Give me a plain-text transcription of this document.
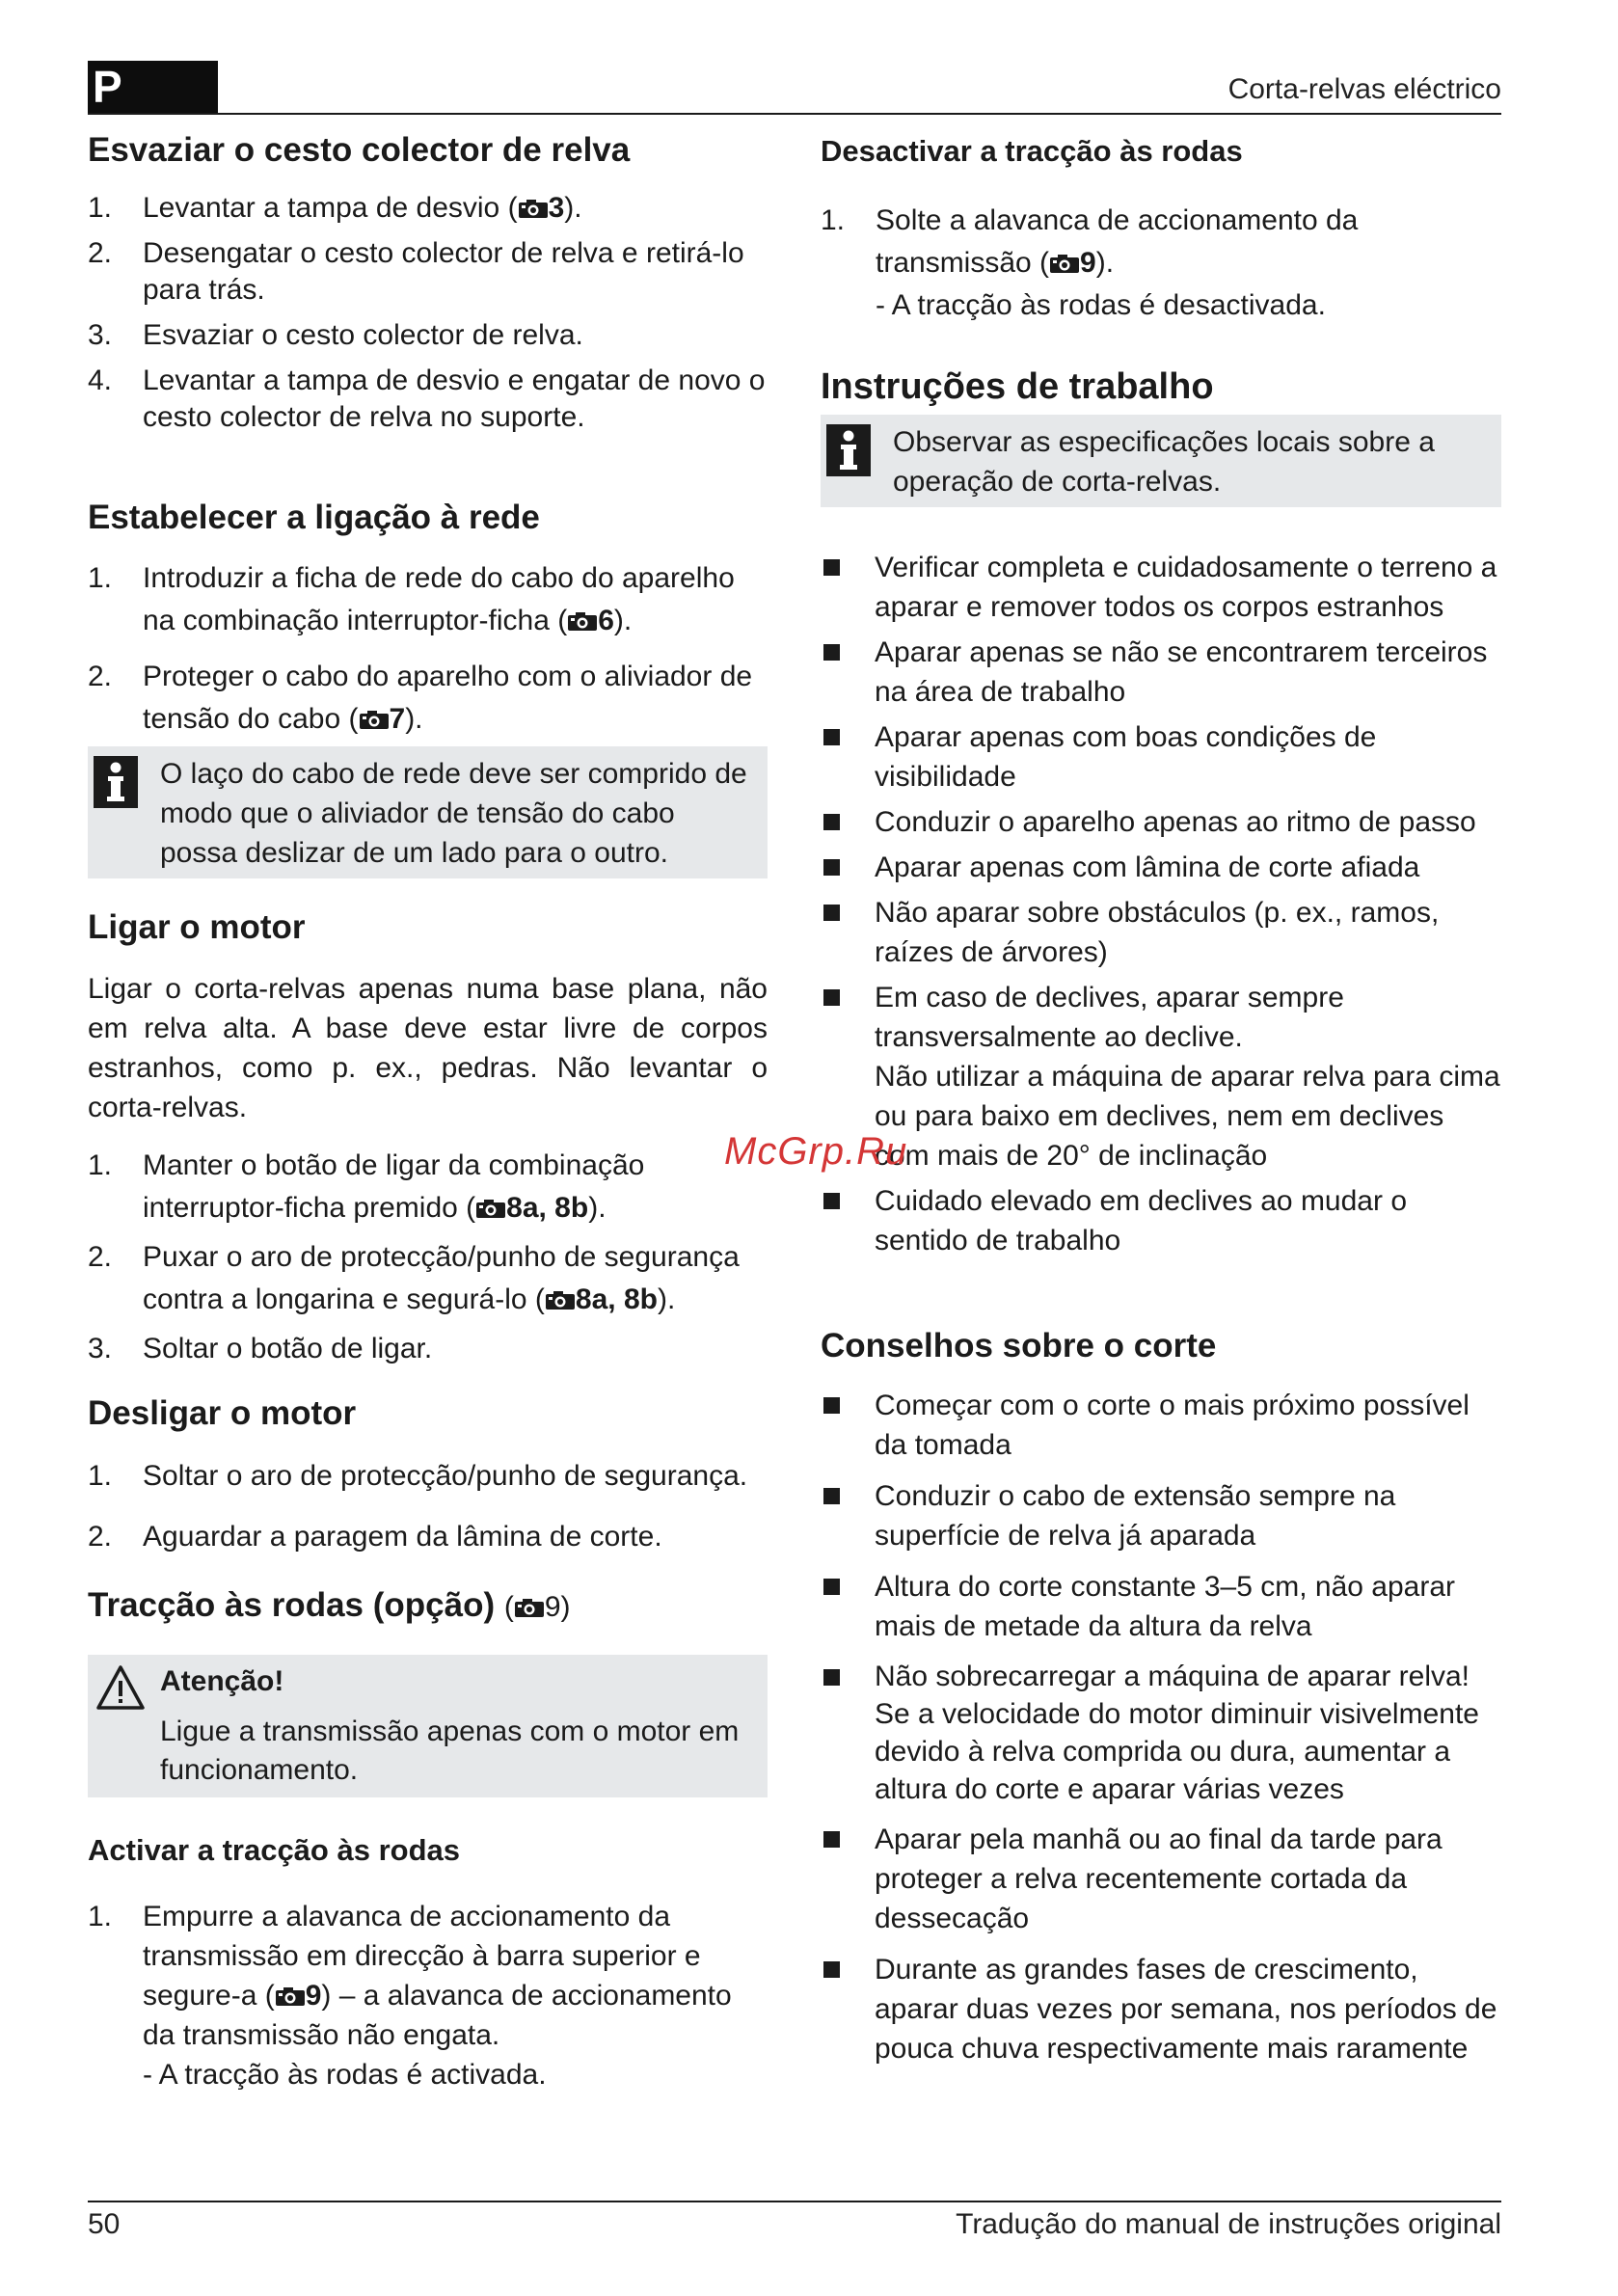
P	Corta-relvas eléctrico
Esvaziar o cesto colector de relva
1. Levantar a tampa de desvio ( 3).
2. Desengatar o cesto colector de relva e retirá-lo para trás.
3. Esvaziar o cesto colector de relva.
4. Levantar a tampa de desvio e engatar de novo o cesto colector de relva no suporte.
Estabelecer a ligação à rede
1. Introduzir a ficha de rede do cabo do aparelho na combinação interruptor-ficha ( 6).
2. Proteger o cabo do aparelho com o aliviador de tensão do cabo ( 7).
O laço do cabo de rede deve ser comprido de modo que o aliviador de tensão do cabo possa deslizar de um lado para o outro.
Ligar o motor
Ligar o corta-relvas apenas numa base plana, não em relva alta. A base deve estar livre de corpos estranhos, como p. ex., pedras. Não levantar o corta-relvas.
1. Manter o botão de ligar da combinação interruptor-ficha premido ( 8a, 8b).
2. Puxar o aro de protecção/punho de segurança contra a longarina e segurá-lo ( 8a, 8b).
3. Soltar o botão de ligar.
Desligar o motor
1. Soltar o aro de protecção/punho de segurança.
2. Aguardar a paragem da lâmina de corte.
Tracção às rodas (opção) ( 9)
Atenção!
Ligue a transmissão apenas com o motor em funcionamento.
Activar a tracção às rodas
1. Empurre a alavanca de accionamento da transmissão em direcção à barra superior e segure-a ( 9) – a alavanca de accionamento da transmissão não engata.
- A tracção às rodas é activada.
Desactivar a tracção às rodas
1. Solte a alavanca de accionamento da transmissão ( 9).
- A tracção às rodas é desactivada.
Instruções de trabalho
Observar as especificações locais sobre a operação de corta-relvas.
Verificar completa e cuidadosamente o terreno a aparar e remover todos os corpos estranhos
Aparar apenas se não se encontrarem terceiros na área de trabalho
Aparar apenas com boas condições de visibilidade
Conduzir o aparelho apenas ao ritmo de passo
Aparar apenas com lâmina de corte afiada
Não aparar sobre obstáculos (p. ex., ramos, raízes de árvores)
Em caso de declives, aparar sempre transversalmente ao declive.
Não utilizar a máquina de aparar relva para cima ou para baixo em declives, nem em declives com mais de 20° de inclinação
Cuidado elevado em declives ao mudar o sentido de trabalho
Conselhos sobre o corte
Começar com o corte o mais próximo possível da tomada
Conduzir o cabo de extensão sempre na superfície de relva já aparada
Altura do corte constante 3–5 cm, não aparar mais de metade da altura da relva
Não sobrecarregar a máquina de aparar relva! Se a velocidade do motor diminuir visivelmente devido à relva comprida ou dura, aumentar a altura do corte e aparar várias vezes
Aparar pela manhã ou ao final da tarde para proteger a relva recentemente cortada da dessecação
Durante as grandes fases de crescimento, aparar duas vezes por semana, nos períodos de pouca chuva respectivamente mais raramente
McGrp.Ru
50	Tradução do manual de instruções original
